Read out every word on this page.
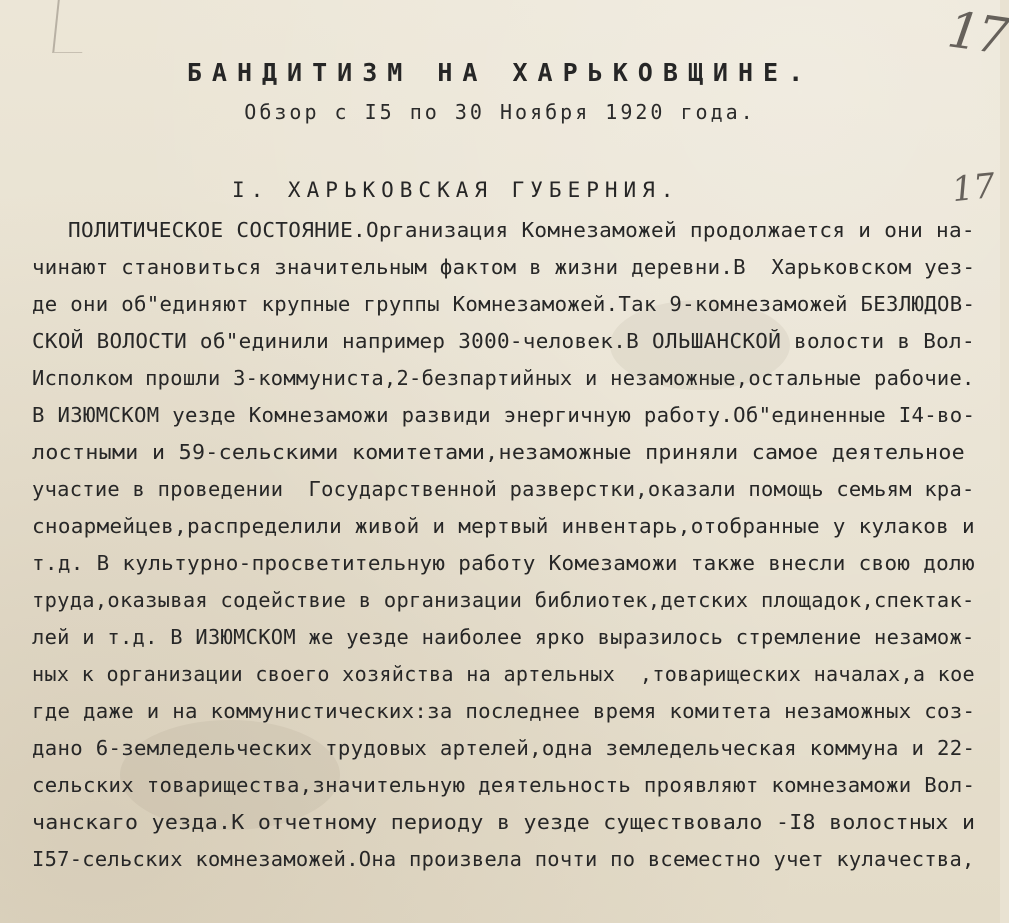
17
17
БАНДИТИЗМ НА ХАРЬКОВЩИНЕ.
Обзор с I5 по 30 Ноября 1920 года.
I. ХАРЬКОВСКАЯ ГУБЕРНИЯ.
ПОЛИТИЧЕСКОЕ СОСТОЯНИЕ.Организация Комнезаможей продолжается и они на-
чинают становиться значительным фактом в жизни деревни.В  Харьковском уез-
де они об"единяют крупные группы Комнезаможей.Так 9-комнезаможей БЕЗЛЮДОВ-
СКОЙ ВОЛОСТИ об"единили например 3000-человек.В ОЛЬШАНСКОЙ волости в Вол-
Исполком прошли 3-коммуниста,2-безпартийных и незаможные,остальные рабочие.
В ИЗЮМСКОМ уезде Комнезаможи развиди энергичную работу.Об"единенные I4-во-
лостными и 59-сельскими комитетами,незаможные приняли самое деятельное
участие в проведении  Государственной разверстки,оказали помощь семьям кра-
сноармейцев,распределили живой и мертвый инвентарь,отобранные у кулаков и
т.д. В культурно-просветительную работу Комезаможи также внесли свою долю
труда,оказывая содействие в организации библиотек,детских площадок,спектак-
лей и т.д. В ИЗЮМСКОМ же уезде наиболее ярко выразилось стремление незамож-
ных к организации своего хозяйства на артельных  ,товарищеских началах,а кое
где даже и на коммунистических:за последнее время комитета незаможных соз-
дано 6-земледельческих трудовых артелей,одна земледельческая коммуна и 22-
сельских товарищества,значительную деятельность проявляют комнезаможи Вол-
чанскаго уезда.К отчетному периоду в уезде существовало -I8 волостных и
I57-сельских комнезаможей.Она произвела почти по всеместно учет кулачества,
